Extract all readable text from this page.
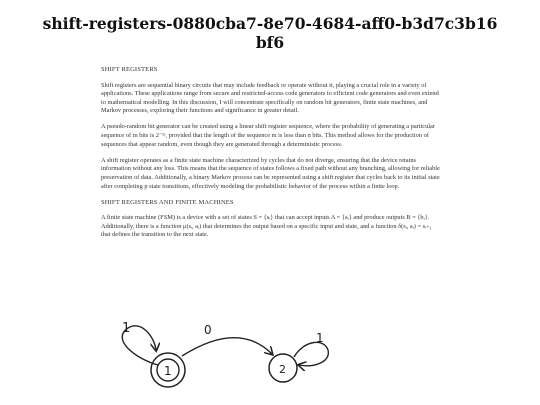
shift-registers-0880cba7-8e70-4684-aff0-b3d7c3b16bf6
SHIFT REGISTERS

Shift registers are sequential binary circuits that may include feedback or operate without it, playing a crucial role in a variety of applications. These applications range from secure and restricted-access code generators to efficient code generators and even extend to mathematical modelling. In this discussion, I will concentrate specifically on random bit generators, finite state machines, and Markov processes, exploring their functions and significance in greater detail.

A pseudo-random bit generator can be created using a linear shift register sequence, where the probability of generating a particular sequence of m bits is 2⁻ᵐ, provided that the length of the sequence m is less than n bits. This method allows for the production of sequences that appear random, even though they are generated through a deterministic process.

A shift register operates as a finite state machine characterized by cycles that do not diverge, ensuring that the device retains information without any loss. This means that the sequence of states follows a fixed path without any branching, allowing for reliable preservation of data. Additionally, a binary Markov process can be represented using a shift register that cycles back to its initial state after completing p state transitions, effectively modeling the probabilistic behavior of the process within a finite loop.

SHIFT REGISTERS AND FINITE MACHINES

A finite state machine (FSM) is a device with a set of states S = {sᵢ} that can accept inputs A = {aᵢ} and produce outputs B = {bᵢ}. Additionally, there is a function μ(sᵢ, aᵢ) that determines the output based on a specific input and state, and a function δ(sᵢ, aᵢ) = sᵢ₊₁ that defines the transition to the next state.

1
1
0
2
1
